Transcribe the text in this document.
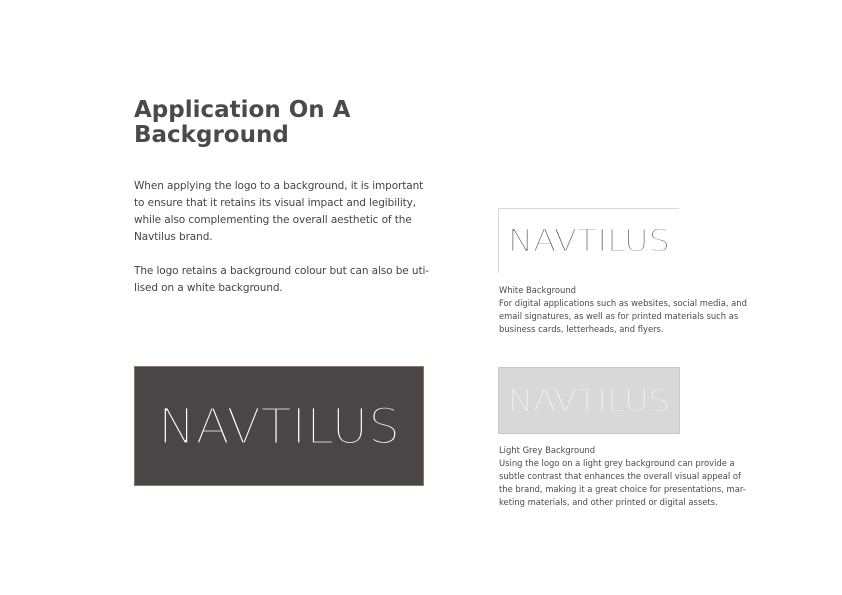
Application On A Background

When applying the logo to a background, it is important to ensure that it retains its visual impact and legibility, while also complementing the overall aesthetic of the Navtilus brand.

The logo retains a background colour but can also be uti-lised on a white background.

NAVTILUS
NAVTILUS

White Background

For digital applications such as websites, social media, and email signatures, as well as for printed materials such as business cards, letterheads, and flyers.

NAVTILUS

Light Grey Background

Using the logo on a light grey background can provide a subtle contrast that enhances the overall visual appeal of the brand, making it a great choice for presentations, mar-keting materials, and other printed or digital assets.
